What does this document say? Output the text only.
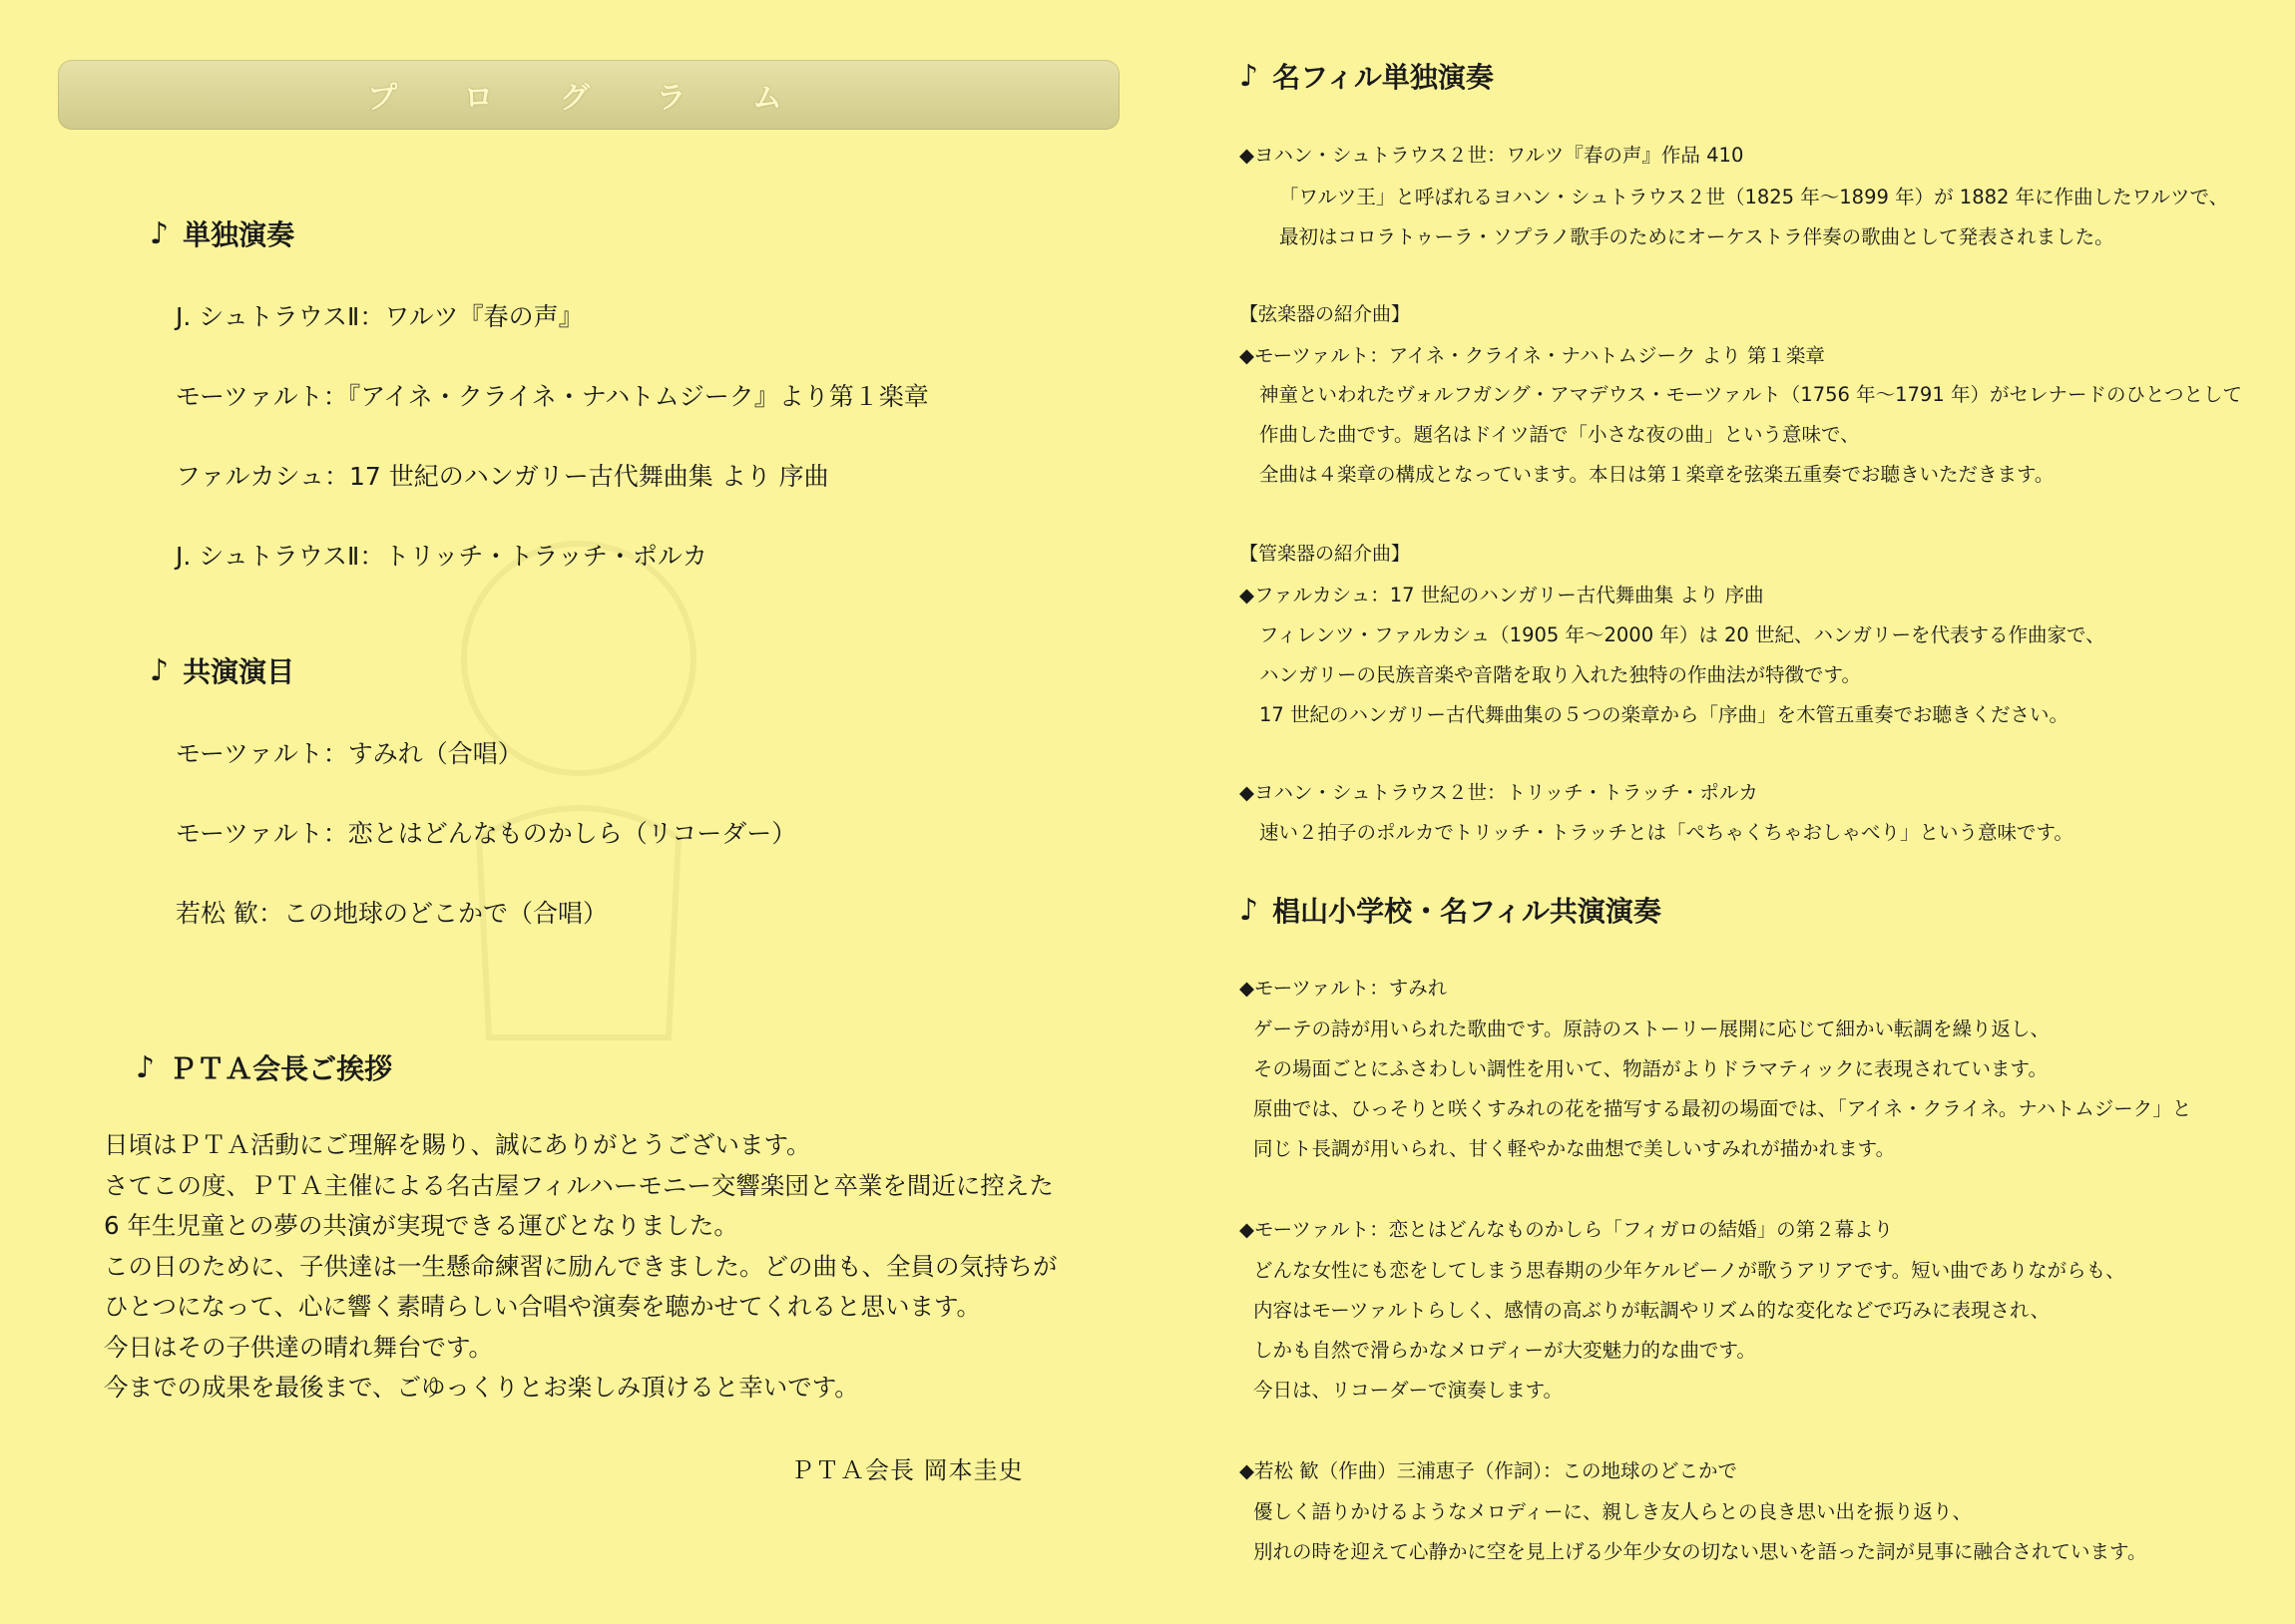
プ ロ グ ラ ム
♪ 単独演奏
J. シュトラウスⅡ：ワルツ『春の声』
モーツァルト：『アイネ・クライネ・ナハトムジーク』より第１楽章
ファルカシュ：17 世紀のハンガリー古代舞曲集 より 序曲
J. シュトラウスⅡ：トリッチ・トラッチ・ポルカ
♪ 共演演目
モーツァルト：すみれ（合唱）
モーツァルト：恋とはどんなものかしら（リコーダー）
若松 歓：この地球のどこかで（合唱）
♪ ＰＴＡ会長ご挨拶

日頃はＰＴＡ活動にご理解を賜り、誠にありがとうございます。

さてこの度、ＰＴＡ主催による名古屋フィルハーモニー交響楽団と卒業を間近に控えた

6 年生児童との夢の共演が実現できる運びとなりました。

この日のために、子供達は一生懸命練習に励んできました。どの曲も、全員の気持ちが

ひとつになって、心に響く素晴らしい合唱や演奏を聴かせてくれると思います。

今日はその子供達の晴れ舞台です。

今までの成果を最後まで、ごゆっくりとお楽しみ頂けると幸いです。

ＰＴＡ会長 岡本圭史
♪ 名フィル単独演奏
◆ヨハン・シュトラウス２世：ワルツ『春の声』作品 410
「ワルツ王」と呼ばれるヨハン・シュトラウス２世（1825 年～1899 年）が 1882 年に作曲したワルツで、
最初はコロラトゥーラ・ソプラノ歌手のためにオーケストラ伴奏の歌曲として発表されました。
【弦楽器の紹介曲】
◆モーツァルト：アイネ・クライネ・ナハトムジーク より 第１楽章
神童といわれたヴォルフガング・アマデウス・モーツァルト（1756 年～1791 年）がセレナードのひとつとして
作曲した曲です。題名はドイツ語で「小さな夜の曲」という意味で、
全曲は４楽章の構成となっています。本日は第１楽章を弦楽五重奏でお聴きいただきます。
【管楽器の紹介曲】
◆ファルカシュ：17 世紀のハンガリー古代舞曲集 より 序曲
フィレンツ・ファルカシュ（1905 年～2000 年）は 20 世紀、ハンガリーを代表する作曲家で、
ハンガリーの民族音楽や音階を取り入れた独特の作曲法が特徴です。
17 世紀のハンガリー古代舞曲集の５つの楽章から「序曲」を木管五重奏でお聴きください。
◆ヨハン・シュトラウス２世：トリッチ・トラッチ・ポルカ
速い２拍子のポルカでトリッチ・トラッチとは「ぺちゃくちゃおしゃべり」という意味です。
♪ 椙山小学校・名フィル共演演奏
◆モーツァルト：すみれ
ゲーテの詩が用いられた歌曲です。原詩のストーリー展開に応じて細かい転調を繰り返し、
その場面ごとにふさわしい調性を用いて、物語がよりドラマティックに表現されています。
原曲では、ひっそりと咲くすみれの花を描写する最初の場面では、「アイネ・クライネ。ナハトムジーク」と
同じト長調が用いられ、甘く軽やかな曲想で美しいすみれが描かれます。
◆モーツァルト：恋とはどんなものかしら「フィガロの結婚」の第２幕より
どんな女性にも恋をしてしまう思春期の少年ケルビーノが歌うアリアです。短い曲でありながらも、
内容はモーツァルトらしく、感情の高ぶりが転調やリズム的な変化などで巧みに表現され、
しかも自然で滑らかなメロディーが大変魅力的な曲です。
今日は、リコーダーで演奏します。
◆若松 歓（作曲）三浦恵子（作詞）：この地球のどこかで
優しく語りかけるようなメロディーに、親しき友人らとの良き思い出を振り返り、
別れの時を迎えて心静かに空を見上げる少年少女の切ない思いを語った詞が見事に融合されています。
